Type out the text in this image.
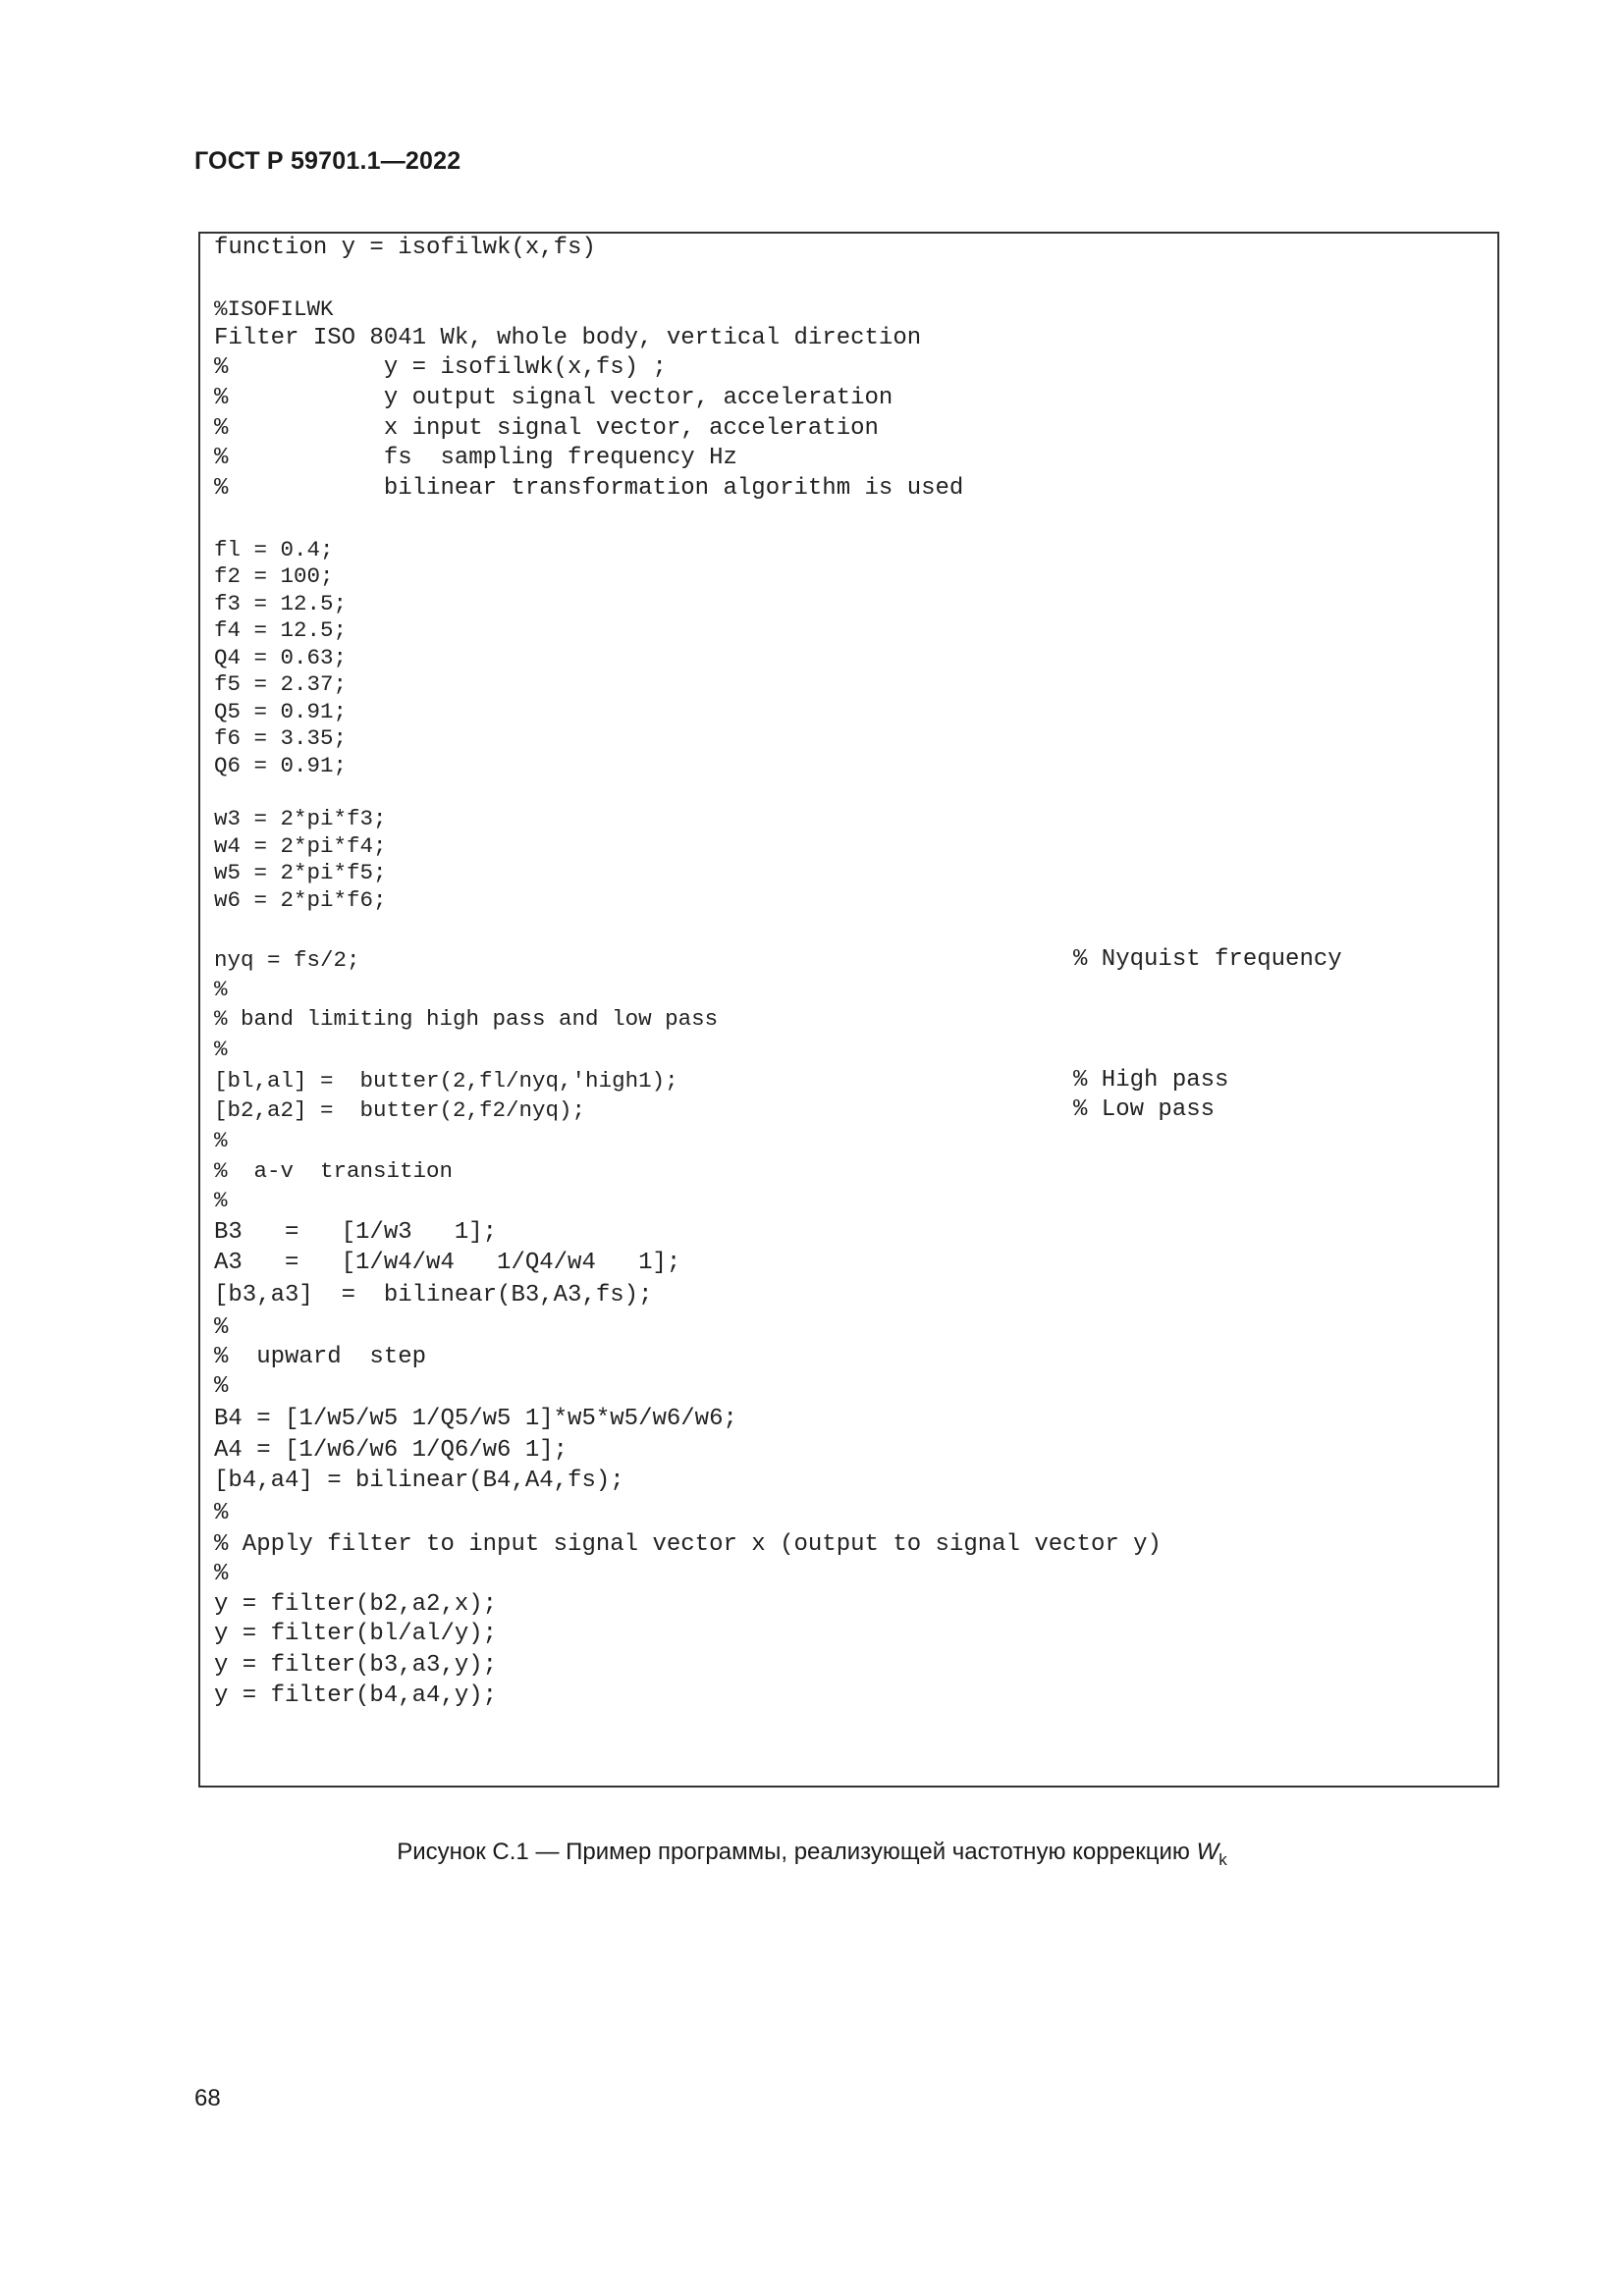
ГОСТ Р 59701.1—2022
function y = isofilwk(x,fs)
%ISOFILWK
Filter ISO 8041 Wk, whole body, vertical direction
%           y = isofilwk(x,fs) ;
%           y output signal vector, acceleration
%           x input signal vector, acceleration
%           fs  sampling frequency Hz
%           bilinear transformation algorithm is used
fl = 0.4;
f2 = 100;
f3 = 12.5;
f4 = 12.5;
Q4 = 0.63;
f5 = 2.37;
Q5 = 0.91;
f6 = 3.35;
Q6 = 0.91;
w3 = 2*pi*f3;
w4 = 2*pi*f4;
w5 = 2*pi*f5;
w6 = 2*pi*f6;
nyq = fs/2;
%
% band limiting high pass and low pass
%
[bl,al] =  butter(2,fl/nyq,'high1);
[b2,a2] =  butter(2,f2/nyq);
%
%  a-v  transition
%
B3   =   [1/w3   1];
A3   =   [1/w4/w4   1/Q4/w4   1];
[b3,a3]  =  bilinear(B3,A3,fs);
%
%  upward  step
%
B4 = [1/w5/w5 1/Q5/w5 1]*w5*w5/w6/w6;
A4 = [1/w6/w6 1/Q6/w6 1];
[b4,a4] = bilinear(B4,A4,fs);
%
% Apply filter to input signal vector x (output to signal vector y)
%
y = filter(b2,a2,x);
y = filter(bl/al/y);
y = filter(b3,a3,y);
y = filter(b4,a4,y);
% Nyquist frequency
% High pass
% Low pass
Рисунок С.1 — Пример программы, реализующей частотную коррекцию $W_k$
68
